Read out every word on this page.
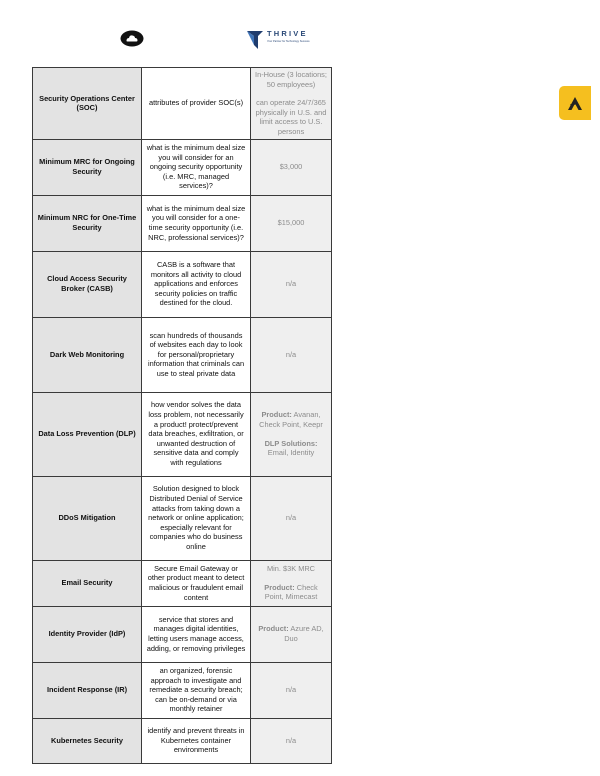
THRIVE
Your Partner for Technology Success
Security Operations Center (SOC)	attributes of provider SOC(s)	In-House (3 locations; 50 employees)
can operate 24/7/365 physically in U.S. and limit access to U.S. persons
Minimum MRC for Ongoing Security	what is the minimum deal size you will consider for an ongoing security opportunity (i.e. MRC, managed services)?	$3,000
Minimum NRC for One-Time Security	what is the minimum deal size you will consider for a one-time security opportunity (i.e. NRC, professional services)?	$15,000
Cloud Access Security Broker (CASB)	CASB is a software that monitors all activity to cloud applications and enforces security policies on traffic destined for the cloud.	n/a
Dark Web Monitoring	scan hundreds of thousands of websites each day to look for personal/proprietary information that criminals can use to steal private data	n/a
Data Loss Prevention (DLP)	how vendor solves the data loss problem, not necessarily a product! protect/prevent data breaches, exfiltration, or unwanted destruction of sensitive data and comply with regulations	Product: Avanan, Check Point, Keepr
DLP Solutions: Email, Identity
DDoS Mitigation	Solution designed to block Distributed Denial of Service attacks from taking down a network or online application; especially relevant for companies who do business online	n/a
Email Security	Secure Email Gateway or other product meant to detect malicious or fraudulent email content	Min. $3K MRC
Product: Check Point, Mimecast
Identity Provider (IdP)	service that stores and manages digital identities, letting users manage access, adding, or removing privileges	Product: Azure AD, Duo
Incident Response (IR)	an organized, forensic approach to investigate and remediate a security breach; can be on-demand or via monthly retainer	n/a
Kubernetes Security	identify and prevent threats in Kubernetes container environments	n/a
